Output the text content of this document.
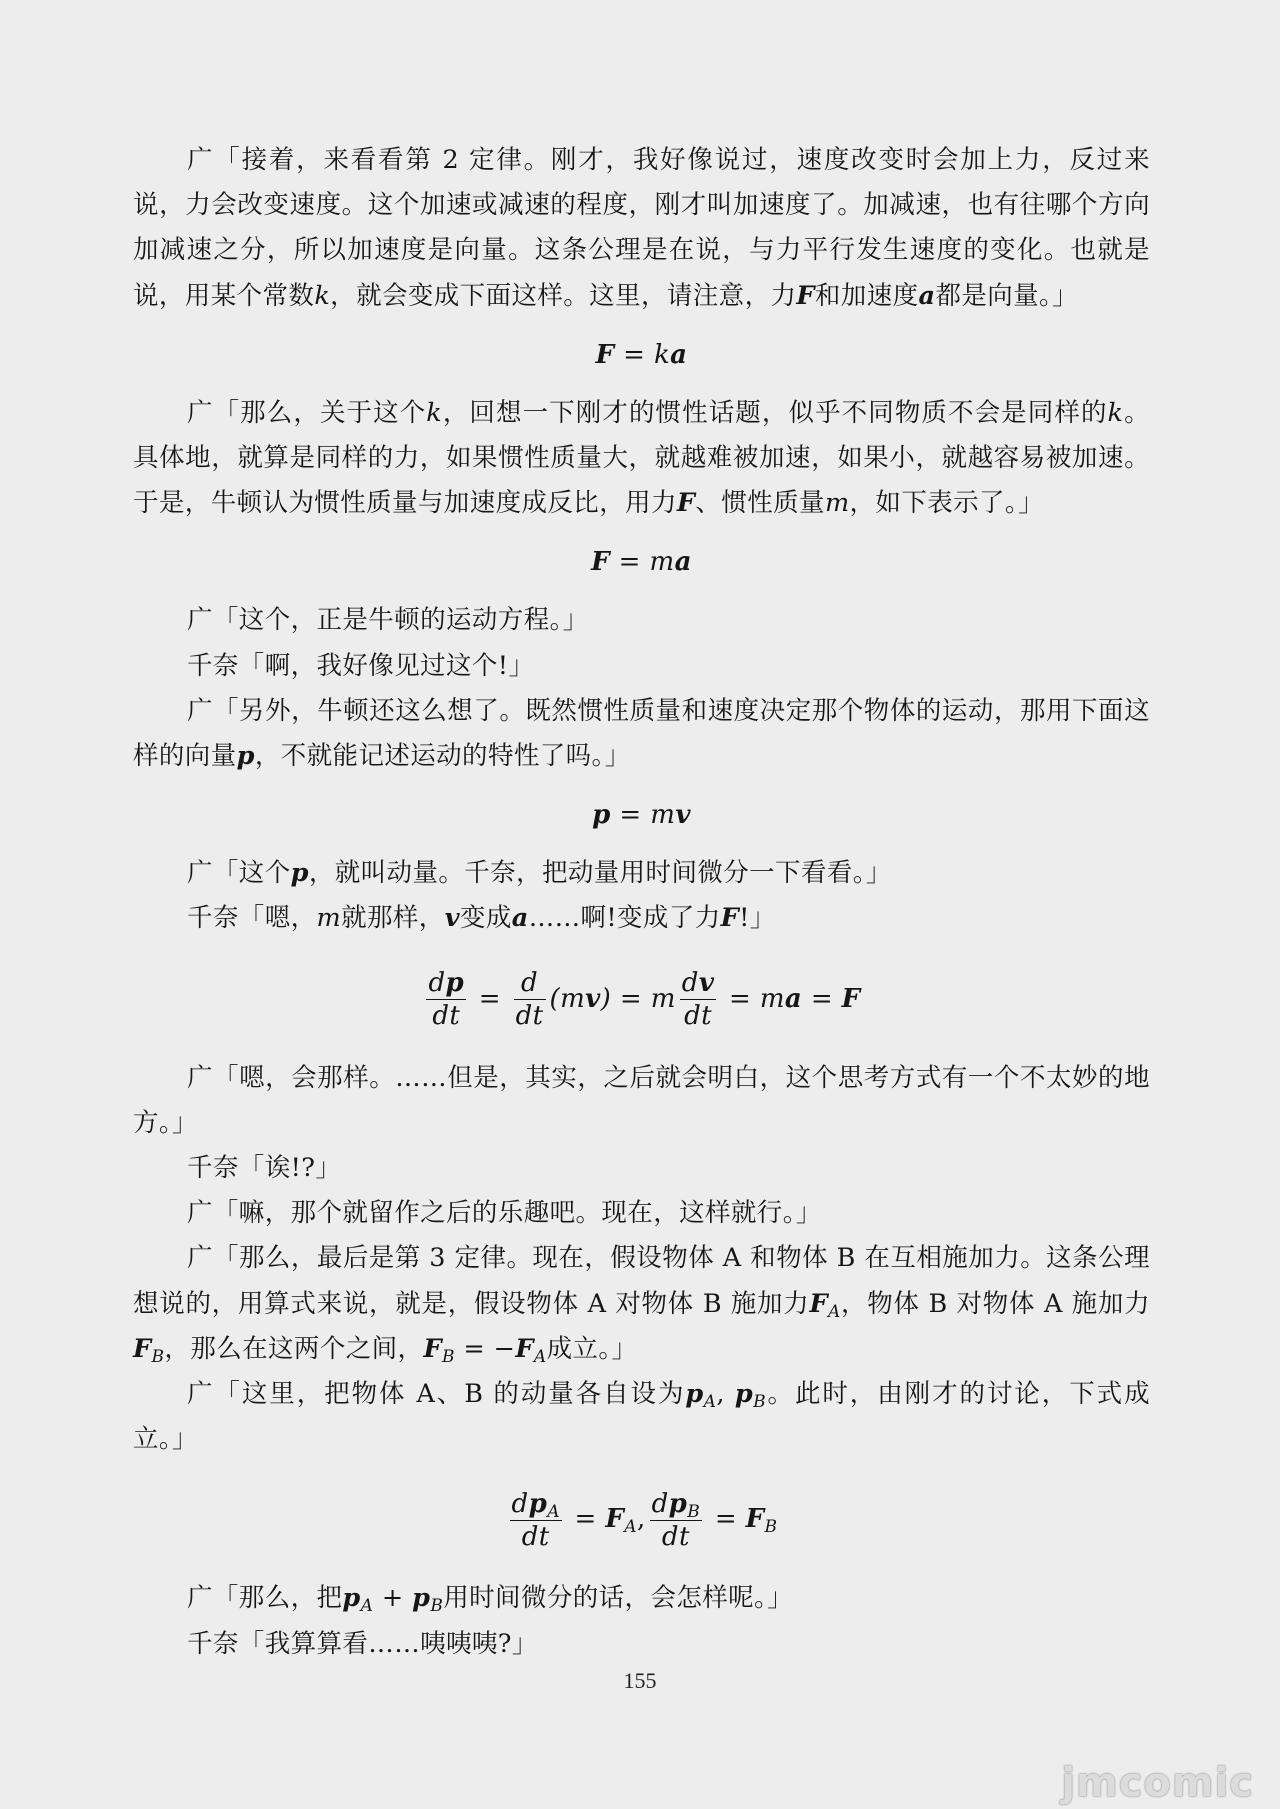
广「接着，来看看第 2 定律。刚才，我好像说过，速度改变时会加上力，反过来说，力会改变速度。这个加速或减速的程度，刚才叫加速度了。加减速，也有往哪个方向加减速之分，所以加速度是向量。这条公理是在说，与力平行发生速度的变化。也就是说，用某个常数k，就会变成下面这样。这里，请注意，力F和加速度a都是向量。」

F = ka

广「那么，关于这个k，回想一下刚才的惯性话题，似乎不同物质不会是同样的k。具体地，就算是同样的力，如果惯性质量大，就越难被加速，如果小，就越容易被加速。于是，牛顿认为惯性质量与加速度成反比，用力F、惯性质量m，如下表示了。」

F = ma

广「这个，正是牛顿的运动方程。」

千奈「啊，我好像见过这个!」

广「另外，牛顿还这么想了。既然惯性质量和速度决定那个物体的运动，那用下面这样的向量p，不就能记述运动的特性了吗。」

p = mv

广「这个p，就叫动量。千奈，把动量用时间微分一下看看。」

千奈「嗯，m就那样，v变成a……啊!变成了力F!」

$\frac{dp}{dt} = \frac{d}{dt} (mv) = m \frac{dv}{dt}$ = ma = F

广「嗯，会那样。……但是，其实，之后就会明白，这个思考方式有一个不太妙的地方。」

千奈「诶!?」

广「嘛，那个就留作之后的乐趣吧。现在，这样就行。」

广「那么，最后是第 3 定律。现在，假设物体 A 和物体 B 在互相施加力。这条公理想说的，用算式来说，就是，假设物体 A 对物体 B 施加力$F_A$，物体 B 对物体 A 施加力$F_B$，那么在这两个之间，$F_B = -F_A$成立。」

广「这里，把物体 A、B 的动量各自设为$p_A$, $p_B$。此时，由刚才的讨论，下式成立。」

$\frac{dp_A}{dt} = F_A$, $\frac{dp_B}{dt} = F_B$

广「那么，把$p_A + p_B$用时间微分的话，会怎样呢。」

千奈「我算算看……咦咦咦?」

155
jmcomic
